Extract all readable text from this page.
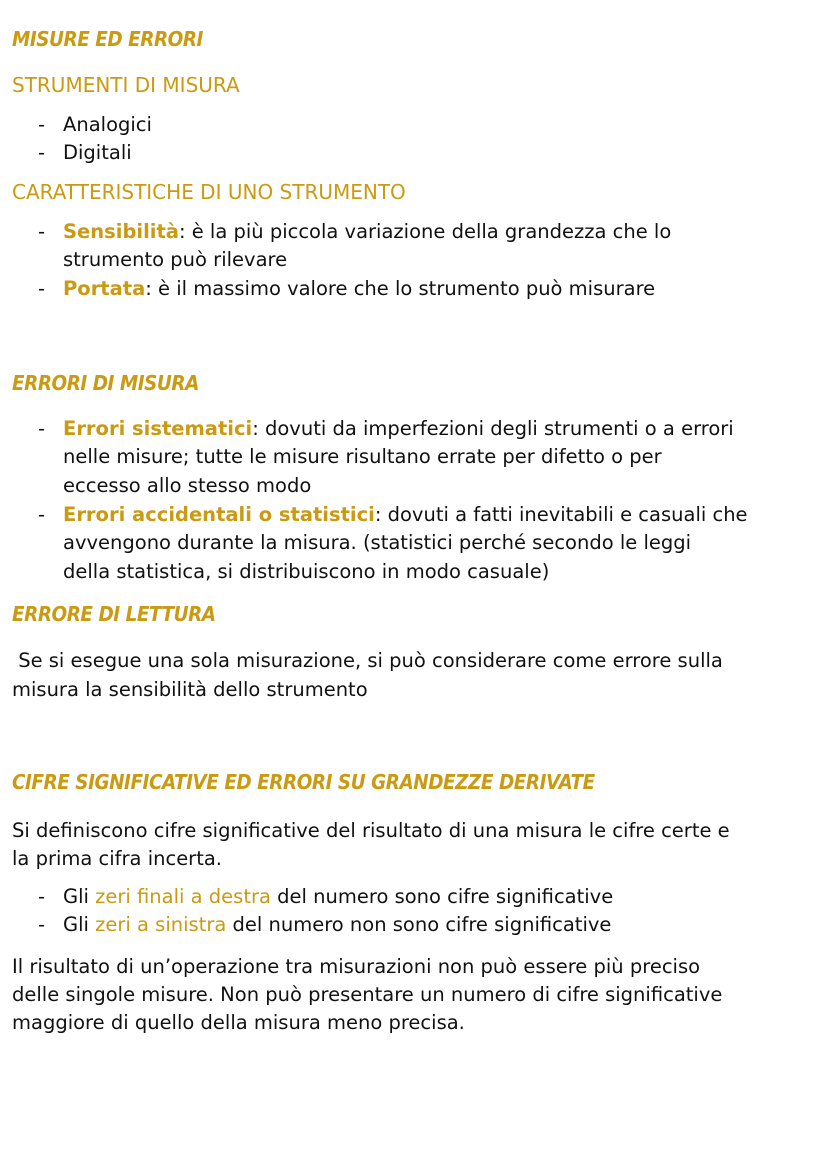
MISURE ED ERRORI
STRUMENTI DI MISURA
- Analogici
- Digitali
CARATTERISTICHE DI UNO STRUMENTO
- Sensibilità: è la più piccola variazione della grandezza che lo
strumento può rilevare
- Portata: è il massimo valore che lo strumento può misurare
ERRORI DI MISURA
- Errori sistematici: dovuti da imperfezioni degli strumenti o a errori
nelle misure; tutte le misure risultano errate per difetto o per
eccesso allo stesso modo
- Errori accidentali o statistici: dovuti a fatti inevitabili e casuali che
avvengono durante la misura. (statistici perché secondo le leggi
della statistica, si distribuiscono in modo casuale)
ERRORE DI LETTURA
Se si esegue una sola misurazione, si può considerare come errore sulla
misura la sensibilità dello strumento
CIFRE SIGNIFICATIVE ED ERRORI SU GRANDEZZE DERIVATE
Si definiscono cifre significative del risultato di una misura le cifre certe e
la prima cifra incerta.
- Gli zeri finali a destra del numero sono cifre significative
- Gli zeri a sinistra del numero non sono cifre significative
Il risultato di un’operazione tra misurazioni non può essere più preciso
delle singole misure. Non può presentare un numero di cifre significative
maggiore di quello della misura meno precisa.
